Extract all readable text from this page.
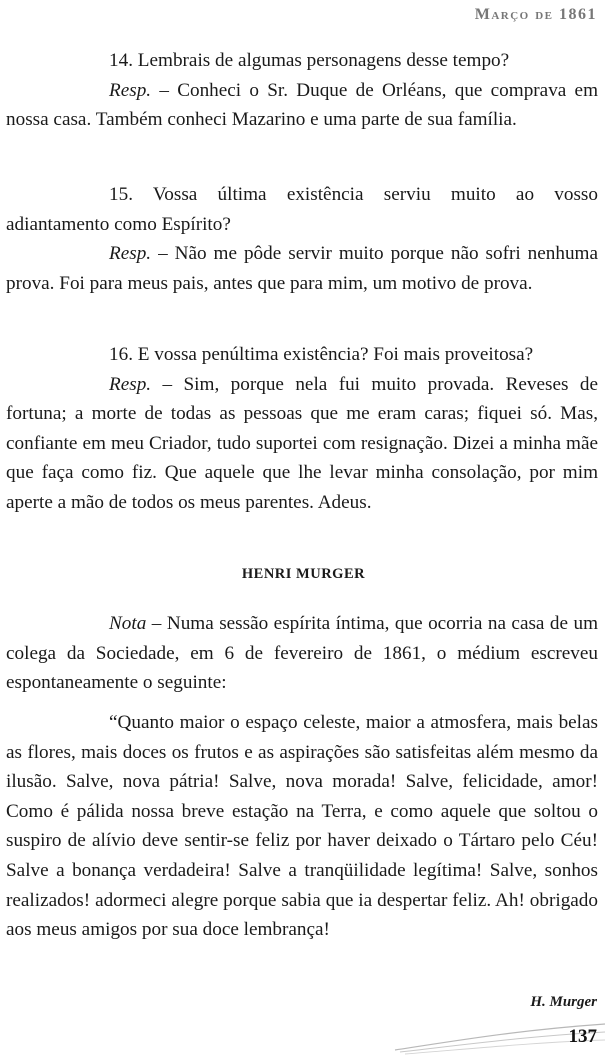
Março de 1861

14. Lembrais de algumas personagens desse tempo?

Resp. – Conheci o Sr. Duque de Orléans, que comprava em nossa casa. Também conheci Mazarino e uma parte de sua família.

15. Vossa última existência serviu muito ao vosso adiantamento como Espírito?

Resp. – Não me pôde servir muito porque não sofri nenhuma prova. Foi para meus pais, antes que para mim, um motivo de prova.

16. E vossa penúltima existência? Foi mais proveitosa?

Resp. – Sim, porque nela fui muito provada. Reveses de fortuna; a morte de todas as pessoas que me eram caras; fiquei só. Mas, confiante em meu Criador, tudo suportei com resignação. Dizei a minha mãe que faça como fiz. Que aquele que lhe levar minha consolação, por mim aperte a mão de todos os meus parentes. Adeus.

HENRI MURGER

Nota – Numa sessão espírita íntima, que ocorria na casa de um colega da Sociedade, em 6 de fevereiro de 1861, o médium escreveu espontaneamente o seguinte:

“Quanto maior o espaço celeste, maior a atmosfera, mais belas as flores, mais doces os frutos e as aspirações são satisfeitas além mesmo da ilusão. Salve, nova pátria! Salve, nova morada! Salve, felicidade, amor! Como é pálida nossa breve estação na Terra, e como aquele que soltou o suspiro de alívio deve sentir-se feliz por haver deixado o Tártaro pelo Céu! Salve a bonança verdadeira! Salve a tranqüilidade legítima! Salve, sonhos realizados! adormeci alegre porque sabia que ia despertar feliz. Ah! obrigado aos meus amigos por sua doce lembrança!

H. Murger
137
